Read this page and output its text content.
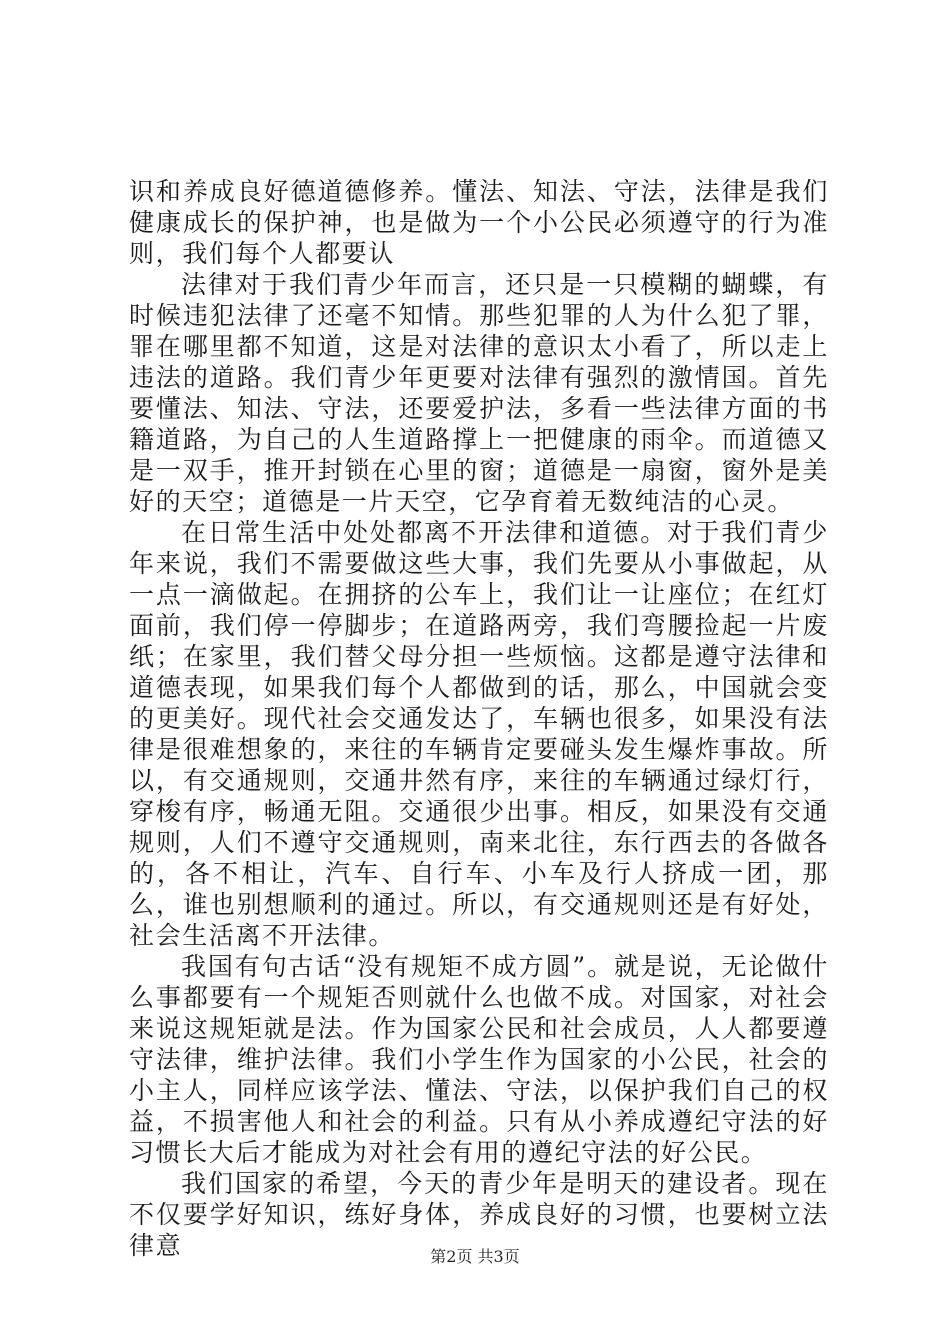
识和养成良好德道德修养。懂法、知法、守法，法律是我们健康成长的保护神，也是做为一个小公民必须遵守的行为准则，我们每个人都要认

法律对于我们青少年而言，还只是一只模糊的蝴蝶，有时候违犯法律了还毫不知情。那些犯罪的人为什么犯了罪，罪在哪里都不知道，这是对法律的意识太小看了，所以走上违法的道路。我们青少年更要对法律有强烈的激情国。首先要懂法、知法、守法，还要爱护法，多看一些法律方面的书籍道路，为自己的人生道路撑上一把健康的雨伞。而道德又是一双手，推开封锁在心里的窗；道德是一扇窗，窗外是美好的天空；道德是一片天空，它孕育着无数纯洁的心灵。

在日常生活中处处都离不开法律和道德。对于我们青少年来说，我们不需要做这些大事，我们先要从小事做起，从一点一滴做起。在拥挤的公车上，我们让一让座位；在红灯面前，我们停一停脚步；在道路两旁，我们弯腰捡起一片废纸；在家里，我们替父母分担一些烦恼。这都是遵守法律和道德表现，如果我们每个人都做到的话，那么，中国就会变的更美好。现代社会交通发达了，车辆也很多，如果没有法律是很难想象的，来往的车辆肯定要碰头发生爆炸事故。所以，有交通规则，交通井然有序，来往的车辆通过绿灯行，穿梭有序，畅通无阻。交通很少出事。相反，如果没有交通规则，人们不遵守交通规则，南来北往，东行西去的各做各的，各不相让，汽车、自行车、小车及行人挤成一团，那么，谁也别想顺利的通过。所以，有交通规则还是有好处，社会生活离不开法律。

我国有句古话“没有规矩不成方圆”。就是说，无论做什么事都要有一个规矩否则就什么也做不成。对国家，对社会来说这规矩就是法。作为国家公民和社会成员，人人都要遵守法律，维护法律。我们小学生作为国家的小公民，社会的小主人，同样应该学法、懂法、守法，以保护我们自己的权益，不损害他人和社会的利益。只有从小养成遵纪守法的好习惯长大后才能成为对社会有用的遵纪守法的好公民。

我们国家的希望，今天的青少年是明天的建设者。现在不仅要学好知识，练好身体，养成良好的习惯，也要树立法律意	第2页 共3页
